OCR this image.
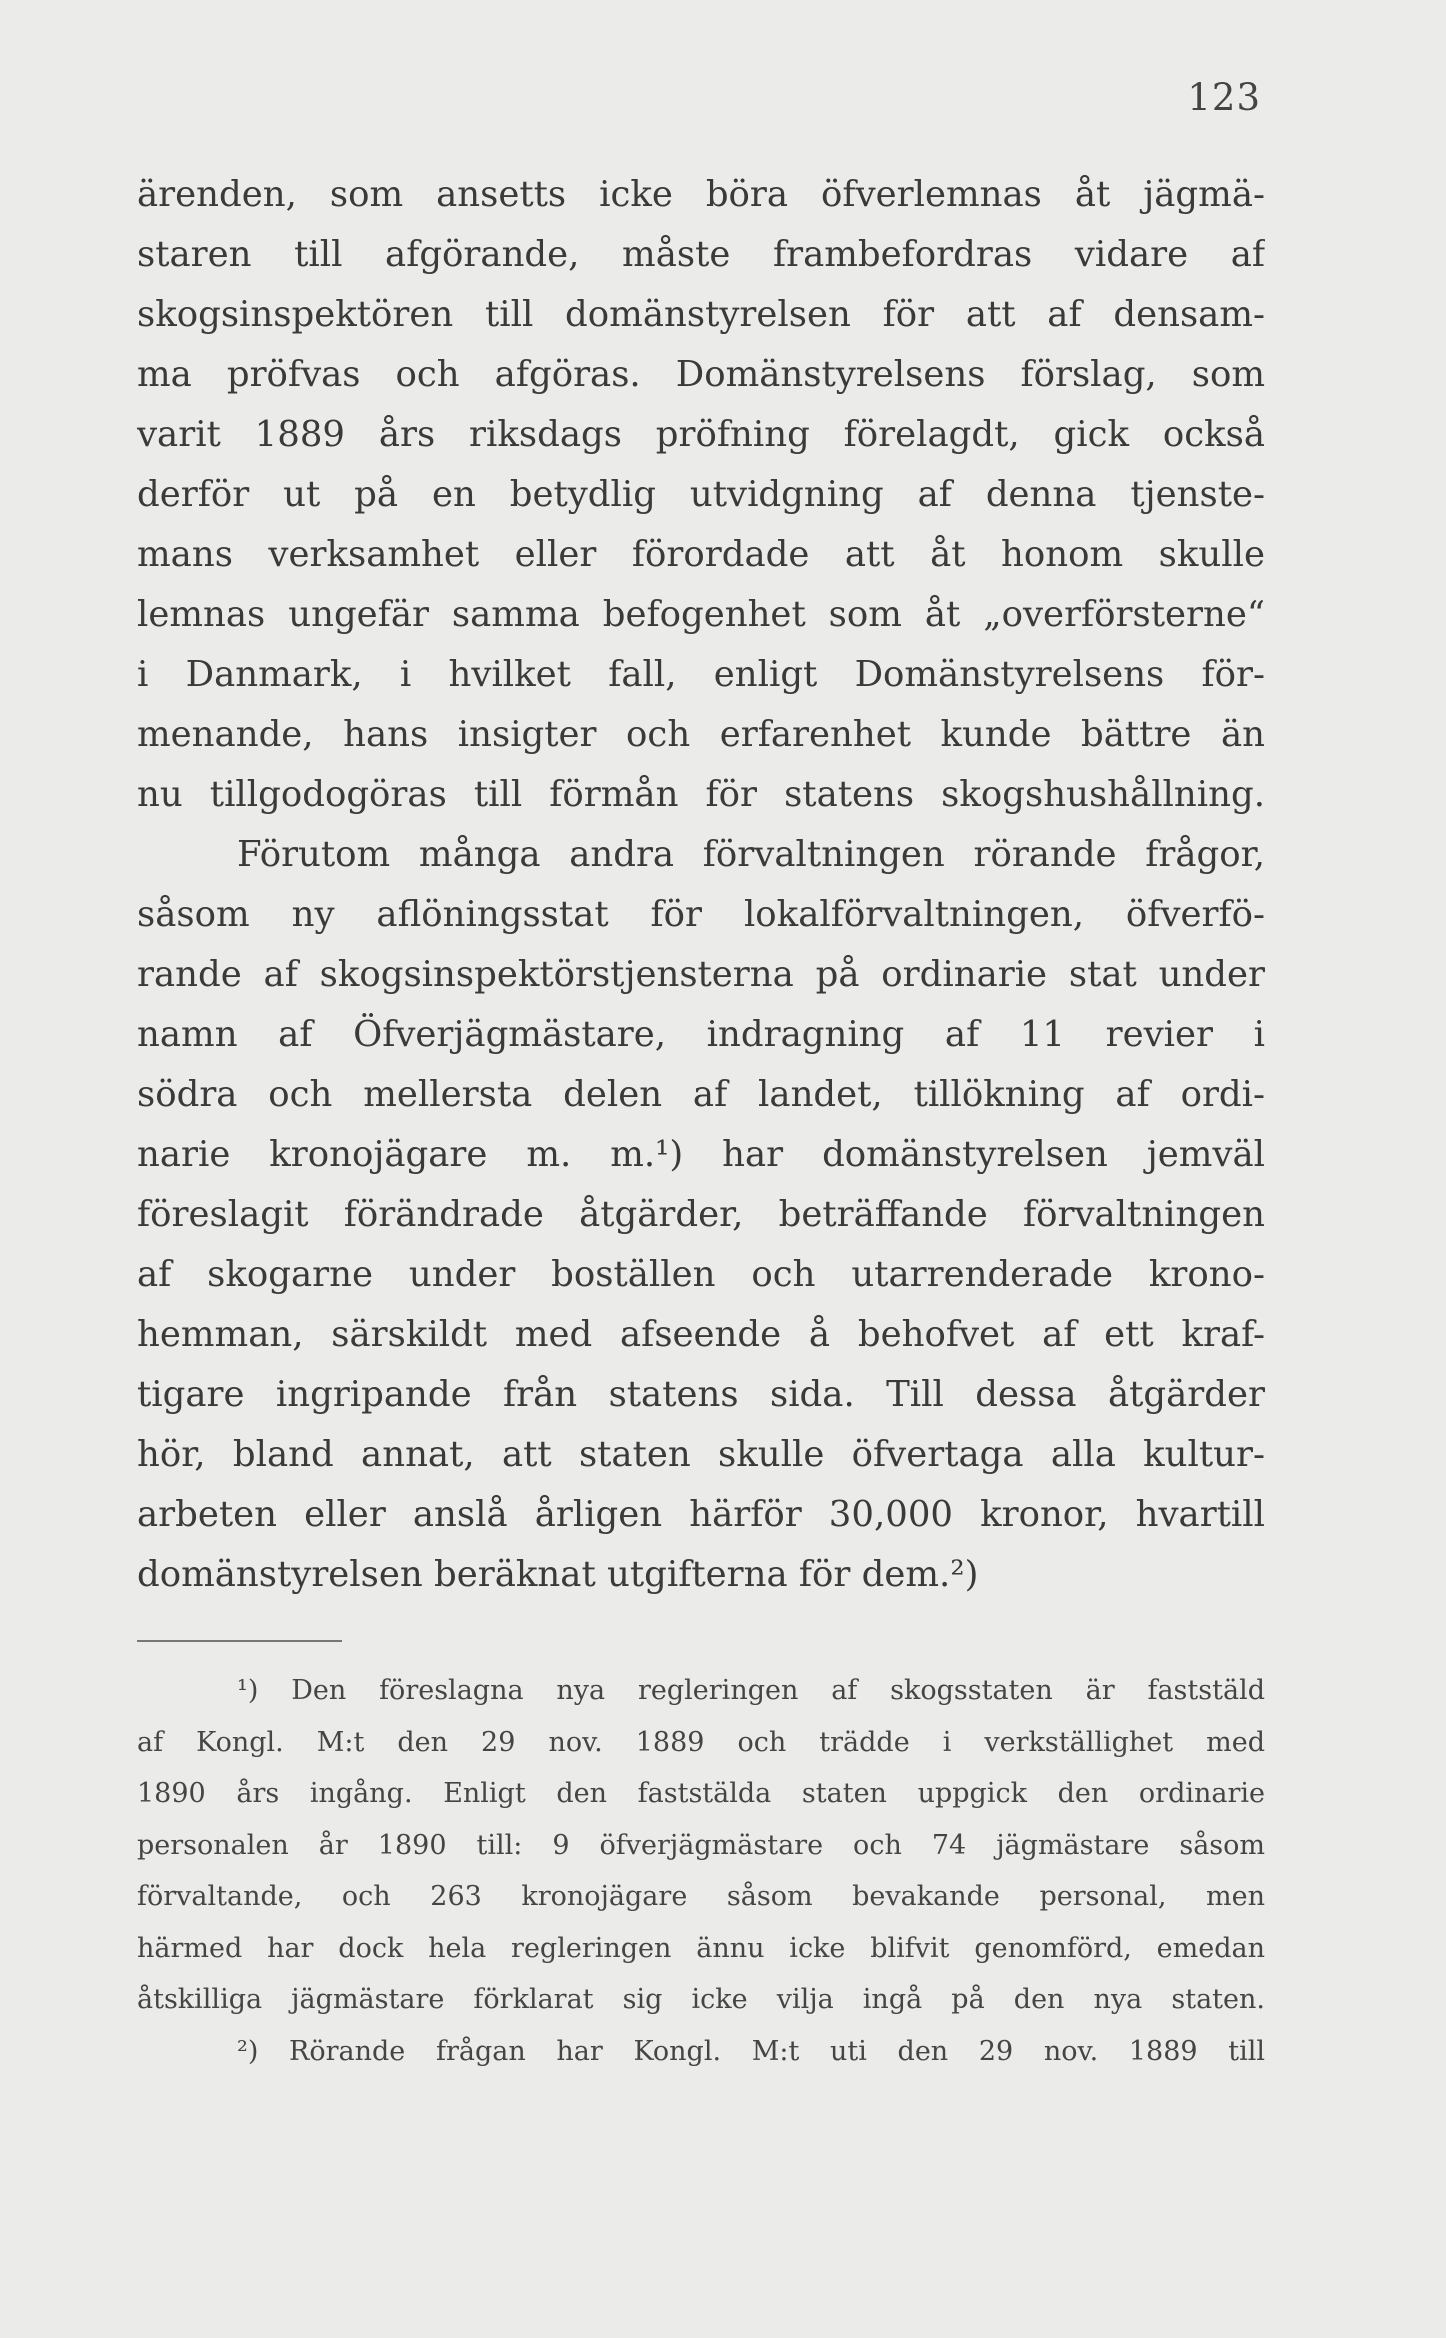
123
ärenden, som ansetts icke böra öfverlemnas åt jägmä-
staren till afgörande, måste frambefordras vidare af
skogsinspektören till domänstyrelsen för att af densam-
ma pröfvas och afgöras. Domänstyrelsens förslag, som
varit 1889 års riksdags pröfning förelagdt, gick också
derför ut på en betydlig utvidgning af denna tjenste-
mans verksamhet eller förordade att åt honom skulle
lemnas ungefär samma befogenhet som åt „overförsterne“
i Danmark, i hvilket fall, enligt Domänstyrelsens för-
menande, hans insigter och erfarenhet kunde bättre än
nu tillgodogöras till förmån för statens skogshushållning.
Förutom många andra förvaltningen rörande frågor,
såsom ny aflöningsstat för lokalförvaltningen, öfverfö-
rande af skogsinspektörstjensterna på ordinarie stat under
namn af Öfverjägmästare, indragning af 11 revier i
södra och mellersta delen af landet, tillökning af ordi-
narie kronojägare m. m.¹) har domänstyrelsen jemväl
föreslagit förändrade åtgärder, beträffande förvaltningen
af skogarne under boställen och utarrenderade krono-
hemman, särskildt med afseende å behofvet af ett kraf-
tigare ingripande från statens sida. Till dessa åtgärder
hör, bland annat, att staten skulle öfvertaga alla kultur-
arbeten eller anslå årligen härför 30,000 kronor, hvartill
domänstyrelsen beräknat utgifterna för dem.²)
¹) Den föreslagna nya regleringen af skogsstaten är faststäld
af Kongl. M:t den 29 nov. 1889 och trädde i verkställighet med
1890 års ingång. Enligt den faststälda staten uppgick den ordinarie
personalen år 1890 till: 9 öfverjägmästare och 74 jägmästare såsom
förvaltande, och 263 kronojägare såsom bevakande personal, men
härmed har dock hela regleringen ännu icke blifvit genomförd, emedan
åtskilliga jägmästare förklarat sig icke vilja ingå på den nya staten.
²) Rörande frågan har Kongl. M:t uti den 29 nov. 1889 till
